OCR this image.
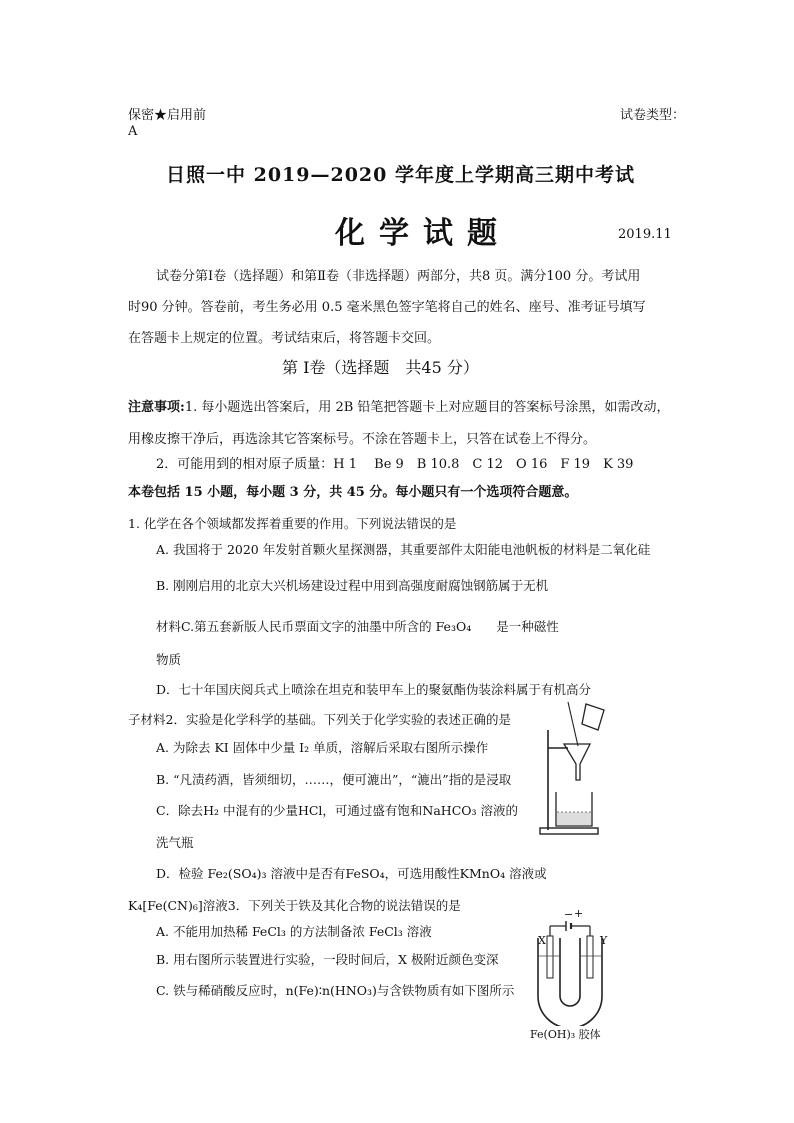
保密★启用前	试卷类型：
A
日照一中 2019—2020 学年度上学期高三期中考试
化学试题	2019.11
试卷分第Ⅰ卷（选择题）和第Ⅱ卷（非选择题）两部分，共8 页。满分100 分。考试用
时90 分钟。答卷前，考生务必用 0.5 毫米黑色签字笔将自己的姓名、座号、准考证号填写
在答题卡上规定的位置。考试结束后，将答题卡交回。
第 Ⅰ卷（选择题　共45 分）
注意事项:1. 每小题选出答案后，用 2B 铅笔把答题卡上对应题目的答案标号涂黑，如需改动，
用橡皮擦干净后，再选涂其它答案标号。不涂在答题卡上，只答在试卷上不得分。
2．可能用到的相对原子质量：H 1　 Be 9　B 10.8　C 12　O 16　F 19　K 39
本卷包括 15 小题，每小题 3 分，共 45 分。每小题只有一个选项符合题意。
1. 化学在各个领域都发挥着重要的作用。下列说法错误的是
A. 我国将于 2020 年发射首颗火星探测器，其重要部件太阳能电池帆板的材料是二氧化硅
B. 刚刚启用的北京大兴机场建设过程中用到高强度耐腐蚀钢筋属于无机
材料C.第五套新版人民币票面文字的油墨中所含的 Fe₃O₄　　是一种磁性
物质
D．七十年国庆阅兵式上喷涂在坦克和装甲车上的聚氨酯伪装涂料属于有机高分
子材料2．实验是化学科学的基础。下列关于化学实验的表述正确的是
A. 为除去 KI 固体中少量 I₂ 单质，溶解后采取右图所示操作
B. “凡渍药酒，皆须细切，……，便可漉出”，“漉出”指的是浸取
C．除去H₂ 中混有的少量HCl，可通过盛有饱和NaHCO₃ 溶液的
洗气瓶
D．检验 Fe₂(SO₄)₃ 溶液中是否有FeSO₄，可选用酸性KMnO₄ 溶液或
K₄[Fe(CN)₆]溶液3．下列关于铁及其化合物的说法错误的是
A. 不能用加热稀 FeCl₃ 的方法制备浓 FeCl₃ 溶液
B. 用右图所示装置进行实验，一段时间后，X 极附近颜色变深
C. 铁与稀硝酸反应时，n(Fe)∶n(HNO₃)与含铁物质有如下图所示
X	Y
− +
Fe(OH)₃ 胶体
